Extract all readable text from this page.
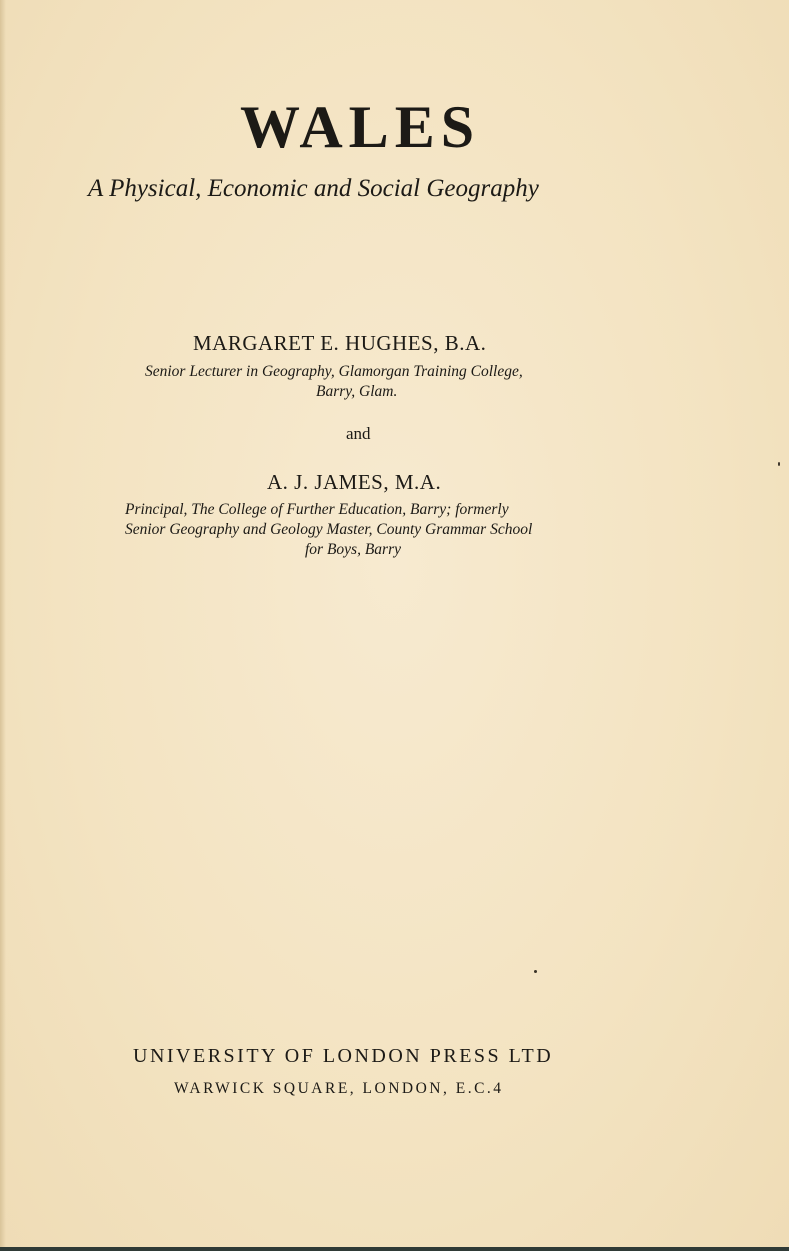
WALES

A Physical, Economic and Social Geography

MARGARET E. HUGHES, B.A.

Senior Lecturer in Geography, Glamorgan Training College,

Barry, Glam.

and

A. J. JAMES, M.A.

Principal, The College of Further Education, Barry; formerly

Senior Geography and Geology Master, County Grammar School

for Boys, Barry

UNIVERSITY OF LONDON PRESS LTD

WARWICK SQUARE, LONDON, E.C.4
